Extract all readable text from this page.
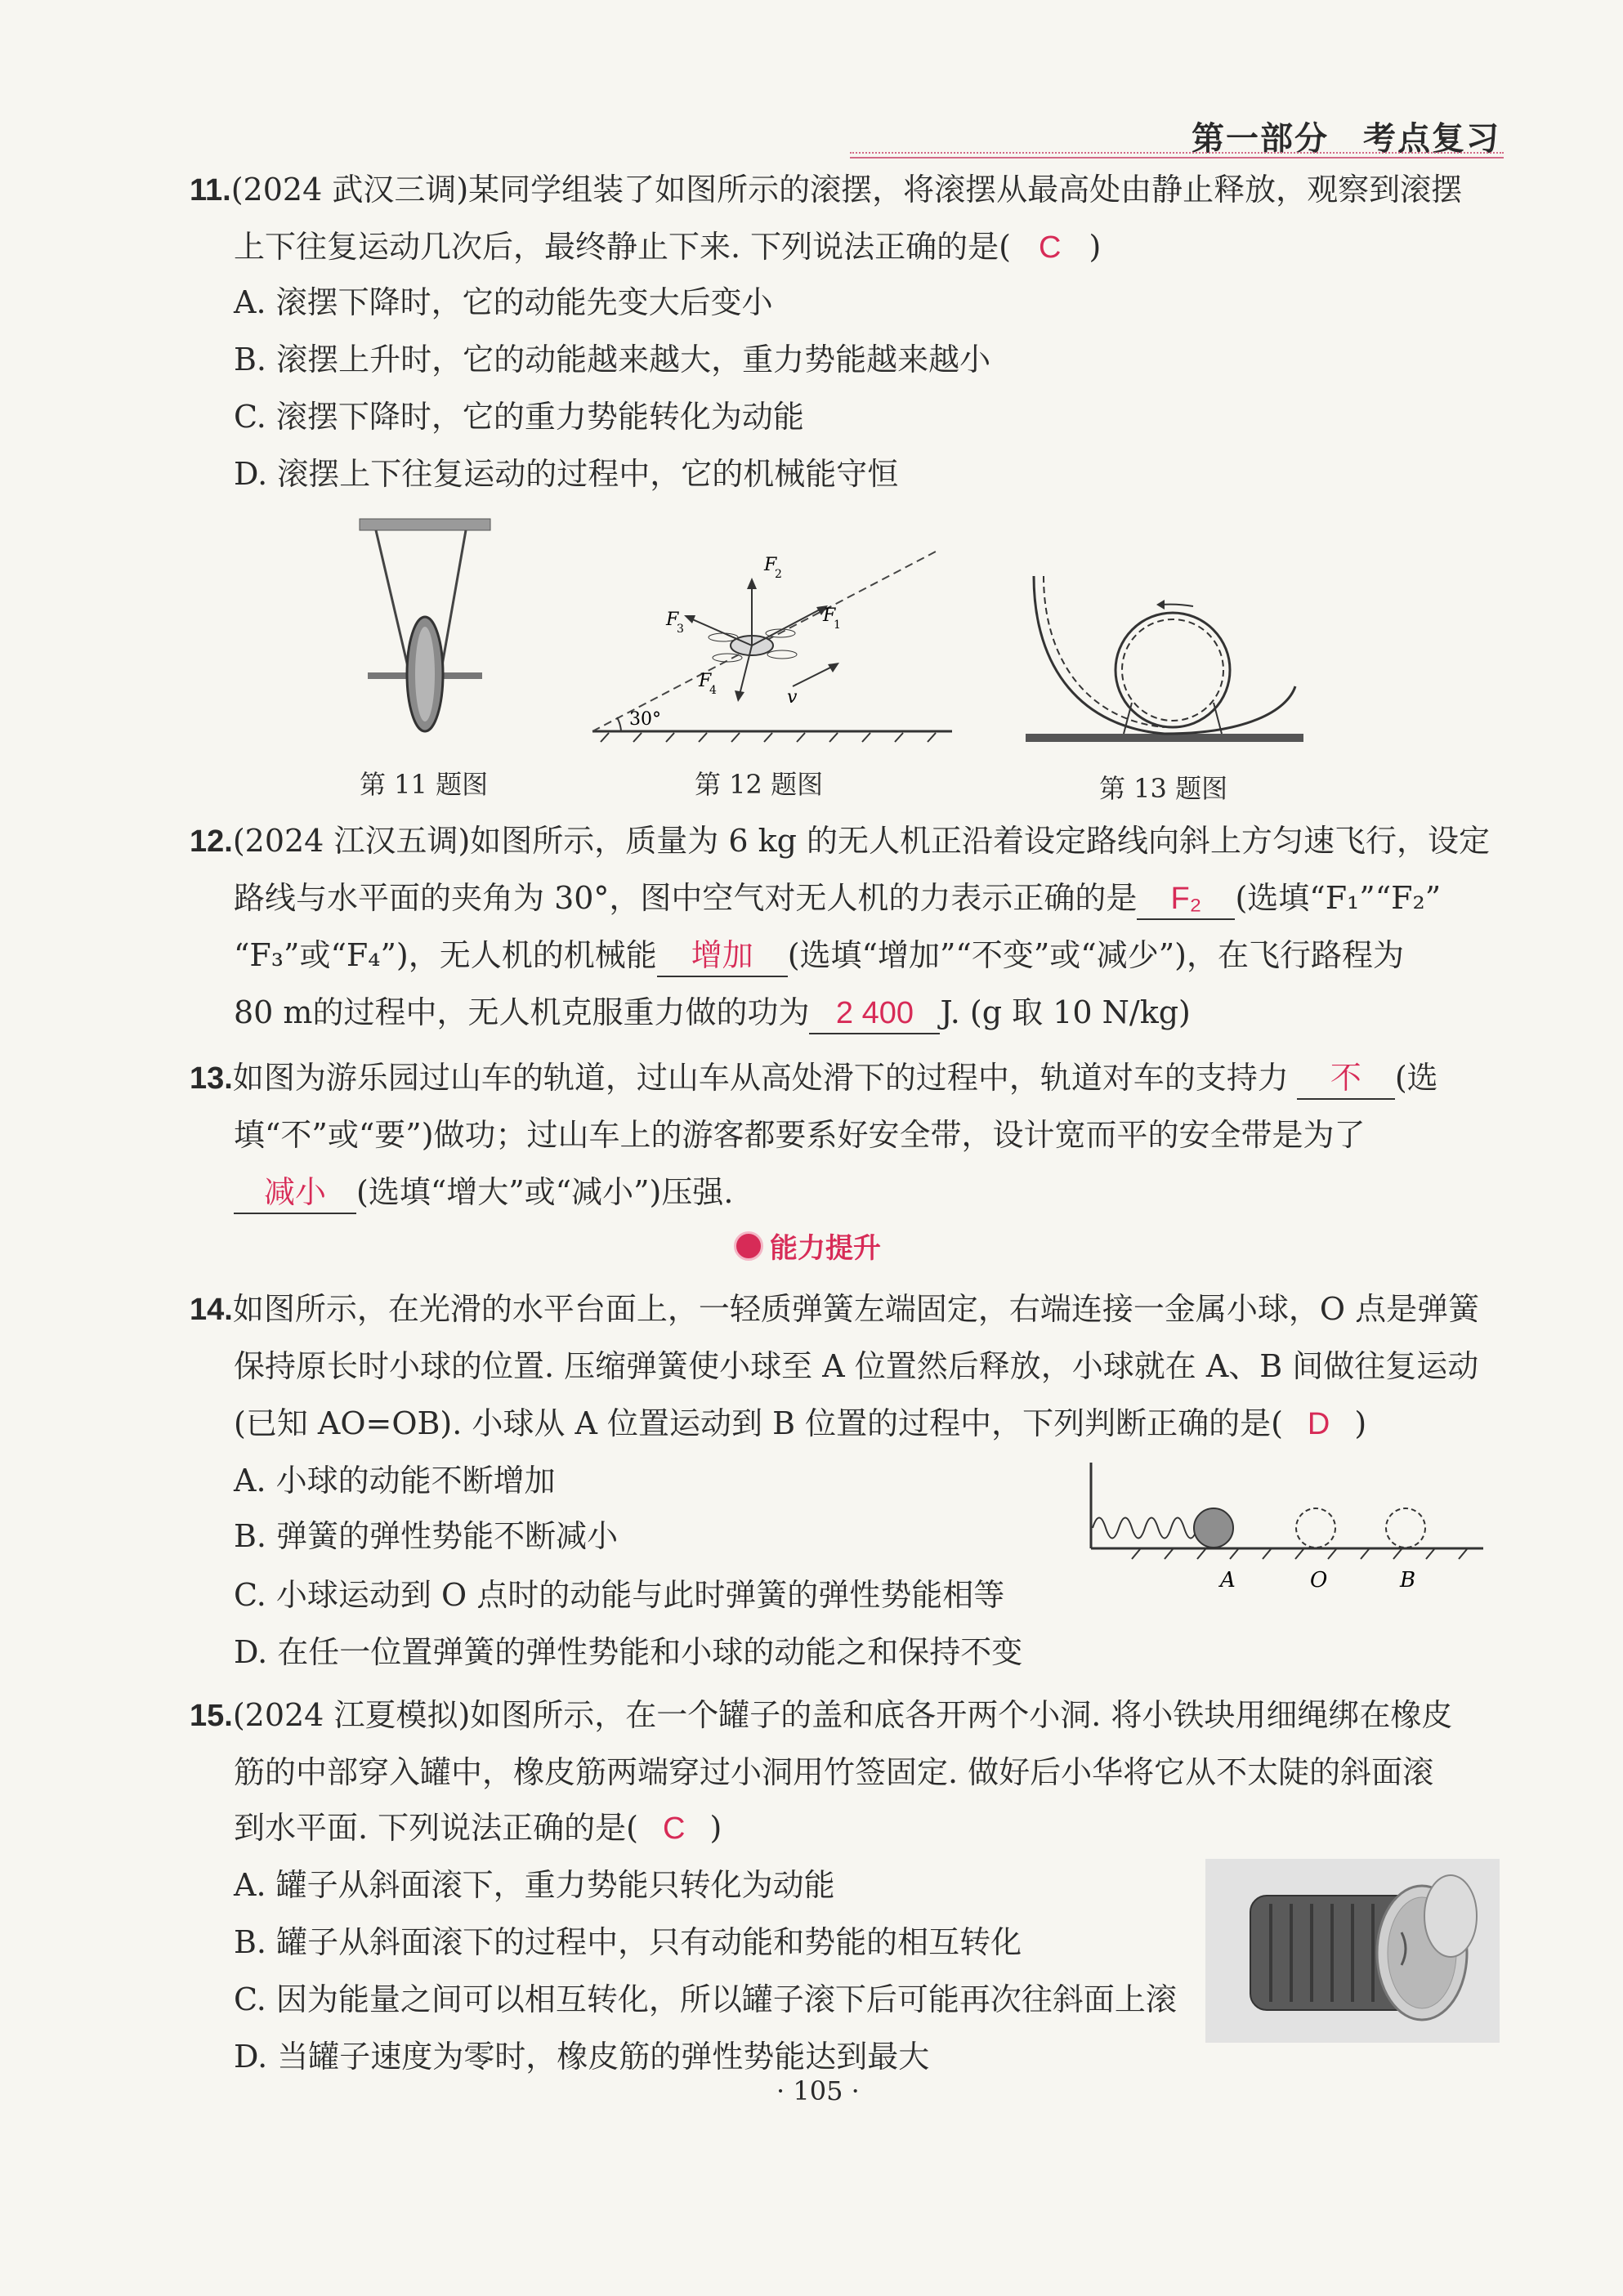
第一部分　考点复习
11.(2024 武汉三调)某同学组装了如图所示的滚摆，将滚摆从最高处由静止释放，观察到滚摆
上下往复运动几次后，最终静止下来. 下列说法正确的是( C )
A. 滚摆下降时，它的动能先变大后变小
B. 滚摆上升时，它的动能越来越大，重力势能越来越小
C. 滚摆下降时，它的重力势能转化为动能
D. 滚摆上下往复运动的过程中，它的机械能守恒
第 11 题图
30°
F
2
F
1
F
3
F
4	v
第 12 题图	第 13 题图
12.(2024 江汉五调)如图所示，质量为 6 kg 的无人机正沿着设定路线向斜上方匀速飞行，设定
路线与水平面的夹角为 30°，图中空气对无人机的力表示正确的是 F₂ (选填“F₁”“F₂”
“F₃”或“F₄”)，无人机的机械能 增加 (选填“增加”“不变”或“减少”)，在飞行路程为
80 m的过程中，无人机克服重力做的功为 2 400 J. (g 取 10 N/kg)
13.如图为游乐园过山车的轨道，过山车从高处滑下的过程中，轨道对车的支持力 不 (选
填“不”或“要”)做功；过山车上的游客都要系好安全带，设计宽而平的安全带是为了
减小 (选填“增大”或“减小”)压强.
能力提升
14.如图所示，在光滑的水平台面上，一轻质弹簧左端固定，右端连接一金属小球，O 点是弹簧
保持原长时小球的位置. 压缩弹簧使小球至 A 位置然后释放，小球就在 A、B 间做往复运动
(已知 AO=OB). 小球从 A 位置运动到 B 位置的过程中，下列判断正确的是( D )
A. 小球的动能不断增加
B. 弹簧的弹性势能不断减小
C. 小球运动到 O 点时的动能与此时弹簧的弹性势能相等
D. 在任一位置弹簧的弹性势能和小球的动能之和保持不变
A	O	B
15.(2024 江夏模拟)如图所示，在一个罐子的盖和底各开两个小洞. 将小铁块用细绳绑在橡皮
筋的中部穿入罐中，橡皮筋两端穿过小洞用竹签固定. 做好后小华将它从不太陡的斜面滚
到水平面. 下列说法正确的是( C )
A. 罐子从斜面滚下，重力势能只转化为动能
B. 罐子从斜面滚下的过程中，只有动能和势能的相互转化
C. 因为能量之间可以相互转化，所以罐子滚下后可能再次往斜面上滚
D. 当罐子速度为零时，橡皮筋的弹性势能达到最大
· 105 ·
